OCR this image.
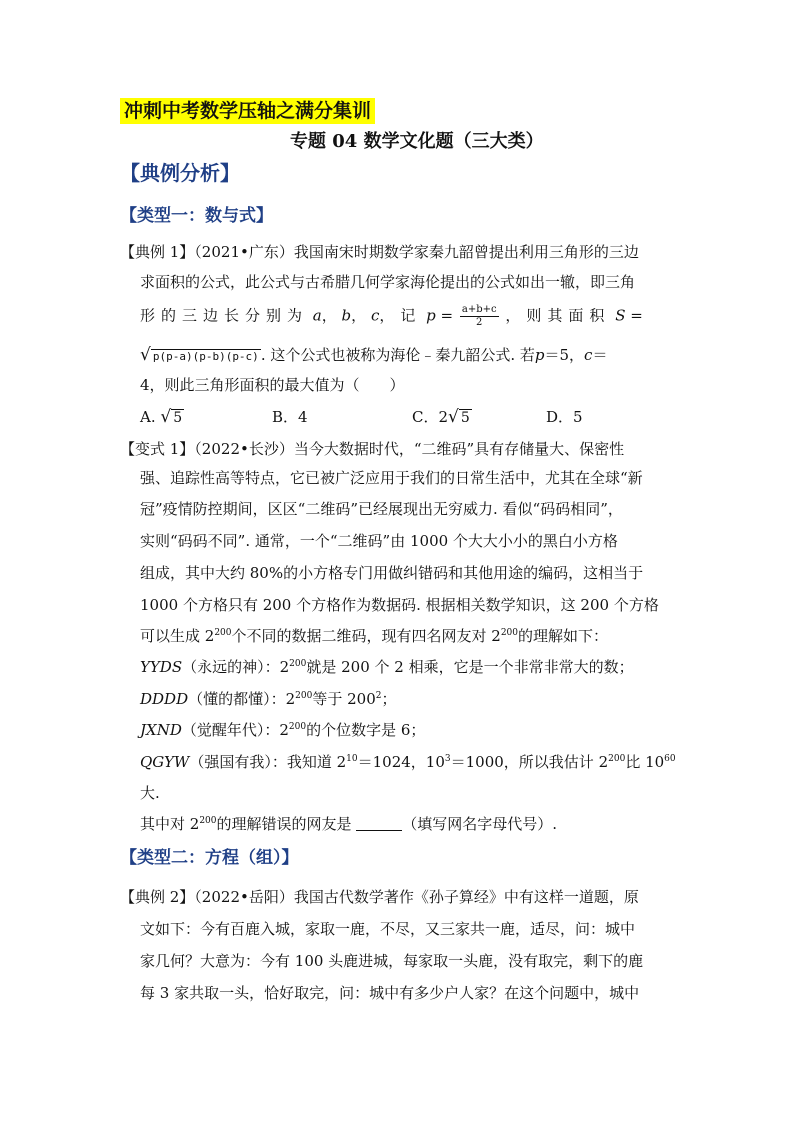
冲刺中考数学压轴之满分集训
专题 04 数学文化题（三大类）
【典例分析】
【类型一：数与式】
【典例 1】（2021•广东）我国南宋时期数学家秦九韶曾提出利用三角形的三边
求面积的公式，此公式与古希腊几何学家海伦提出的公式如出一辙，即三角
形的三边长分别为 a， b， c，记 $p = \frac{a+b+c}{2}$ ，则其面积 S =
√ p(p-a)(p-b)(p-c) . 这个公式也被称为海伦﹣秦九韶公式. 若p＝5，c＝
4，则此三角形面积的最大值为（　　）
A. √ 5	B．4	C．2√ 5	D．5
【变式 1】（2022•长沙）当今大数据时代，“二维码”具有存储量大、保密性
强、追踪性高等特点，它已被广泛应用于我们的日常生活中，尤其在全球“新
冠”疫情防控期间，区区“二维码”已经展现出无穷威力. 看似“码码相同”，
实则“码码不同”. 通常，一个“二维码”由 1000 个大大小小的黑白小方格
组成，其中大约 80%的小方格专门用做纠错码和其他用途的编码，这相当于
1000 个方格只有 200 个方格作为数据码. 根据相关数学知识，这 200 个方格
可以生成 $2^{200}$个不同的数据二维码，现有四名网友对 $2^{200}$的理解如下：
YYDS（永远的神）：$2^{200}$就是 200 个 2 相乘，它是一个非常非常大的数；
DDDD（懂的都懂）：$2^{200}$等于 $200^2$；
JXND（觉醒年代）：$2^{200}$的个位数字是 6；
QGYW（强国有我）：我知道 $2^{10}=1024$，$10^3=1000$，所以我估计 $2^{200}$比 $10^{60}$
大.
其中对 $2^{200}$的理解错误的网友是	（填写网名字母代号）.
【类型二：方程（组）】
【典例 2】（2022•岳阳）我国古代数学著作《孙子算经》中有这样一道题，原
文如下：今有百鹿入城，家取一鹿，不尽，又三家共一鹿，适尽，问：城中
家几何？大意为：今有 100 头鹿进城，每家取一头鹿，没有取完，剩下的鹿
每 3 家共取一头，恰好取完，问：城中有多少户人家？在这个问题中，城中
